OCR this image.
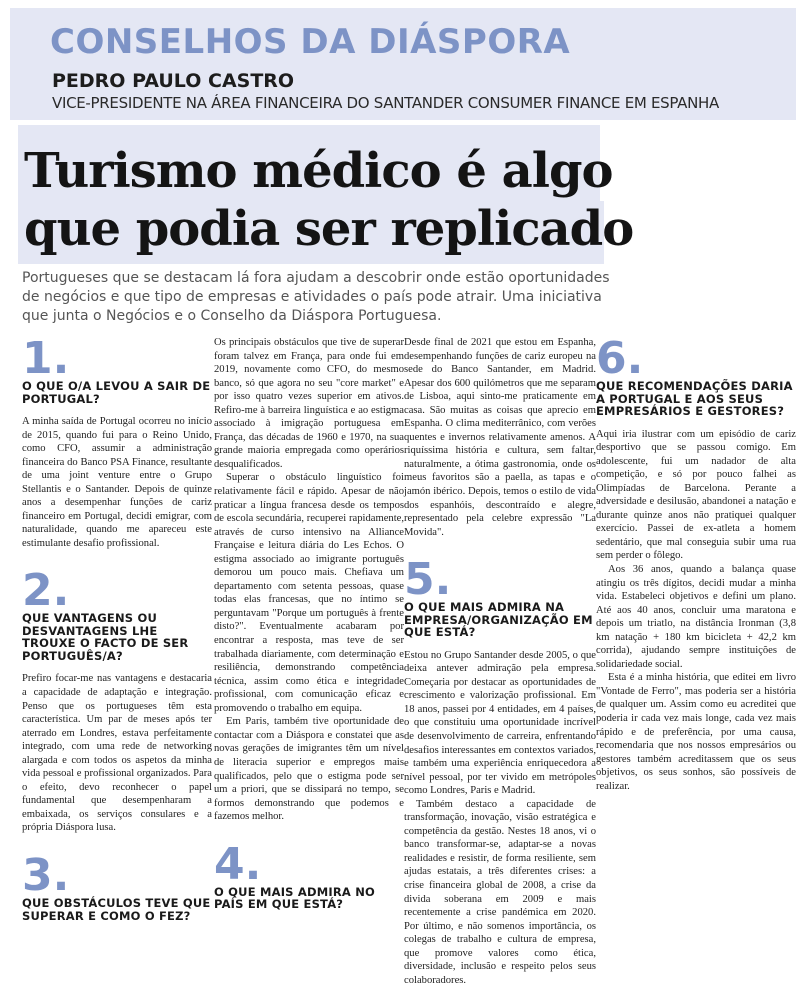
CONSELHOS DA DIÁSPORA
PEDRO PAULO CASTRO
VICE-PRESIDENTE NA ÁREA FINANCEIRA DO SANTANDER CONSUMER FINANCE EM ESPANHA
Turismo médico é algo
que podia ser replicado
Portugueses que se destacam lá fora ajudam a descobrir onde estão oportunidades
de negócios e que tipo de empresas e atividades o país pode atrair. Uma iniciativa
que junta o Negócios e o Conselho da Diáspora Portuguesa.
1.
O QUE O/A LEVOU A SAIR DE PORTUGAL?
A minha saída de Portugal ocorreu no início de 2015, quando fui para o Reino Unido, como CFO, assumir a administração financeira do Banco PSA Finance, resultante de uma joint venture entre o Grupo Stellantis e o Santander. Depois de quinze anos a desempenhar funções de cariz financeiro em Portugal, decidi emigrar, com naturalidade, quando me apareceu este estimulante desafio profissional.
2.
QUE VANTAGENS OU DESVANTAGENS LHE TROUXE O FACTO DE SER PORTUGUÊS/A?
Prefiro focar-me nas vantagens e destacaria a capacidade de adaptação e integração. Penso que os portugueses têm esta característica. Um par de meses após ter aterrado em Londres, estava perfeitamente integrado, com uma rede de networking alargada e com todos os aspetos da minha vida pessoal e profissional organizados. Para o efeito, devo reconhecer o papel fundamental que desempenharam a embaixada, os serviços consulares e a própria Diáspora lusa.
3.
QUE OBSTÁCULOS TEVE QUE SUPERAR E COMO O FEZ?
Os principais obstáculos que tive de superar foram talvez em França, para onde fui em 2019, novamente como CFO, do mesmo banco, só que agora no seu "core market" e por isso quatro vezes superior em ativos. Refiro-me à barreira linguística e ao estigma associado à imigração portuguesa em França, das décadas de 1960 e 1970, na sua grande maioria empregada como operários desqualificados.
Superar o obstáculo linguístico foi relativamente fácil e rápido. Apesar de não praticar a língua francesa desde os tempos de escola secundária, recuperei rapidamente, através de curso intensivo na Alliance Française e leitura diária do Les Echos. O estigma associado ao imigrante português demorou um pouco mais. Chefiava um departamento com setenta pessoas, quase todas elas francesas, que no íntimo se perguntavam "Porque um português à frente disto?". Eventualmente acabaram por encontrar a resposta, mas teve de ser trabalhada diariamente, com determinação e resiliência, demonstrando competência técnica, assim como ética e integridade profissional, com comunicação eficaz e promovendo o trabalho em equipa.
Em Paris, também tive oportunidade de contactar com a Diáspora e constatei que as novas gerações de imigrantes têm um nível de literacia superior e empregos mais qualificados, pelo que o estigma pode ser um a priori, que se dissipará no tempo, se formos demonstrando que podemos e fazemos melhor.
4.
O QUE MAIS ADMIRA NO PAÍS EM QUE ESTÁ?
Desde final de 2021 que estou em Espanha, desempenhando funções de cariz europeu na sede do Banco Santander, em Madrid. Apesar dos 600 quilómetros que me separam de Lisboa, aqui sinto-me praticamente em casa. São muitas as coisas que aprecio em Espanha. O clima mediterrânico, com verões quentes e invernos relativamente amenos. A riquíssima história e cultura, sem faltar, naturalmente, a ótima gastronomia, onde os meus favoritos são a paella, as tapas e o jamón ibérico. Depois, temos o estilo de vida dos espanhóis, descontraído e alegre, representado pela celebre expressão "La Movida".
5.
O QUE MAIS ADMIRA NA EMPRESA/ORGANIZAÇÃO EM QUE ESTÁ?
Estou no Grupo Santander desde 2005, o que deixa antever admiração pela empresa. Começaria por destacar as oportunidades de crescimento e valorização profissional. Em 18 anos, passei por 4 entidades, em 4 países, o que constituiu uma oportunidade incrível de desenvolvimento de carreira, enfrentando desafios interessantes em contextos variados, e também uma experiência enriquecedora a nível pessoal, por ter vivido em metrópoles como Londres, Paris e Madrid.
Também destaco a capacidade de transformação, inovação, visão estratégica e competência da gestão. Nestes 18 anos, vi o banco transformar-se, adaptar-se a novas realidades e resistir, de forma resiliente, sem ajudas estatais, a três diferentes crises: a crise financeira global de 2008, a crise da divida soberana em 2009 e mais recentemente a crise pandémica em 2020. Por último, e não somenos importância, os colegas de trabalho e cultura de empresa, que promove valores como ética, diversidade, inclusão e respeito pelos seus colaboradores.
6.
QUE RECOMENDAÇÕES DARIA A PORTUGAL E AOS SEUS EMPRESÁRIOS E GESTORES?
Aqui iria ilustrar com um episódio de cariz desportivo que se passou comigo. Em adolescente, fui um nadador de alta competição, e só por pouco falhei as Olimpíadas de Barcelona. Perante a adversidade e desilusão, abandonei a natação e durante quinze anos não pratiquei qualquer exercício. Passei de ex-atleta a homem sedentário, que mal conseguia subir uma rua sem perder o fôlego.
Aos 36 anos, quando a balança quase atingiu os três dígitos, decidi mudar a minha vida. Estabeleci objetivos e defini um plano. Até aos 40 anos, concluir uma maratona e depois um triatlo, na distância Ironman (3,8 km natação + 180 km bicicleta + 42,2 km corrida), ajudando sempre instituições de solidariedade social.
Esta é a minha história, que editei em livro "Vontade de Ferro", mas poderia ser a história de qualquer um. Assim como eu acreditei que poderia ir cada vez mais longe, cada vez mais rápido e de preferência, por uma causa, recomendaria que nos nossos empresários ou gestores também acreditassem que os seus objetivos, os seus sonhos, são possíveis de realizar.
